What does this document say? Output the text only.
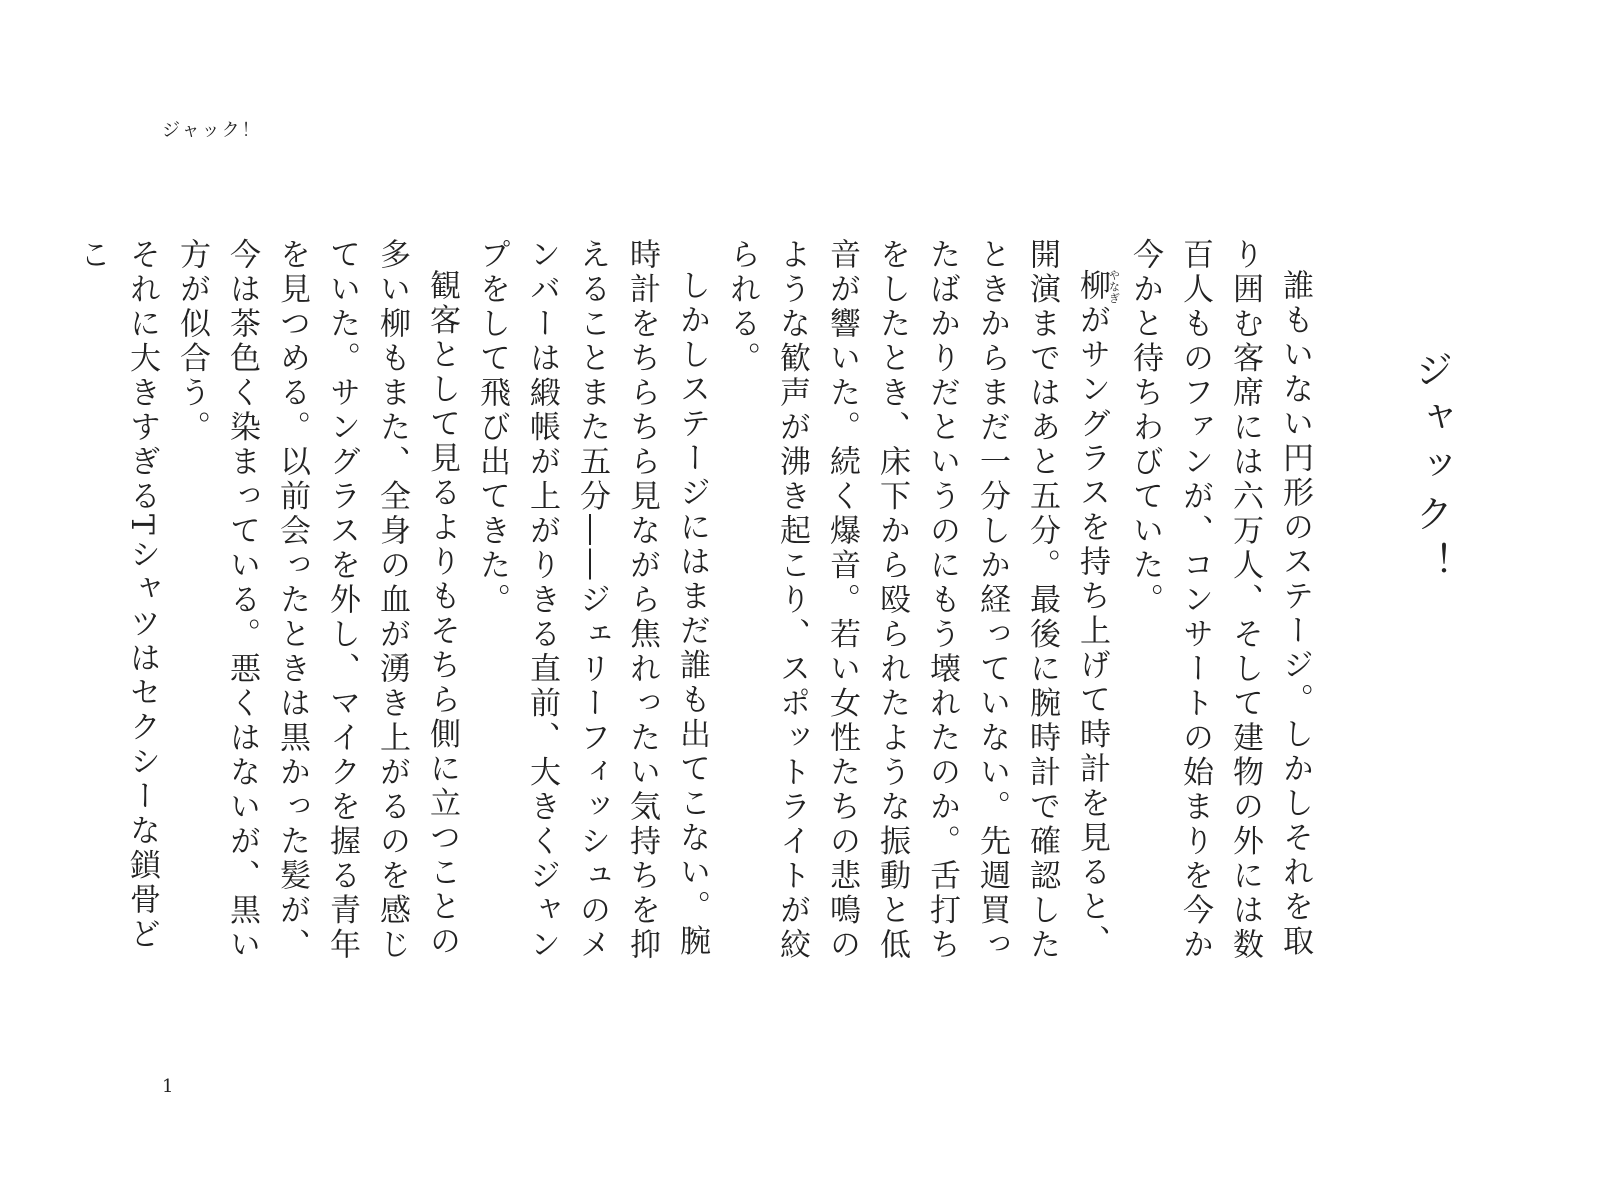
ジャック！
ジャック！

誰もいない円形のステージ。しかしそれを取り囲む客席には六万人、そして建物の外には数百人ものファンが、コンサートの始まりを今か今かと待ちわびていた。

柳やなぎがサングラスを持ち上げて時計を見ると、開演まではあと五分。最後に腕時計で確認したときからまだ一分しか経っていない。先週買ったばかりだというのにもう壊れたのか。舌打ちをしたとき、床下から殴られたような振動と低音が響いた。続く爆音。若い女性たちの悲鳴のような歓声が沸き起こり、スポットライトが絞られる。

しかしステージにはまだ誰も出てこない。腕時計をちらちら見ながら焦れったい気持ちを抑えることまた五分――ジェリーフィッシュのメンバーは緞帳が上がりきる直前、大きくジャンプをして飛び出てきた。

観客として見るよりもそちら側に立つことの多い柳もまた、全身の血が湧き上がるのを感じていた。サングラスを外し、マイクを握る青年を見つめる。以前会ったときは黒かった髪が、今は茶色く染まっている。悪くはないが、黒い方が似合う。

それに大きすぎるTシャツはセクシーな鎖骨どこ

1
